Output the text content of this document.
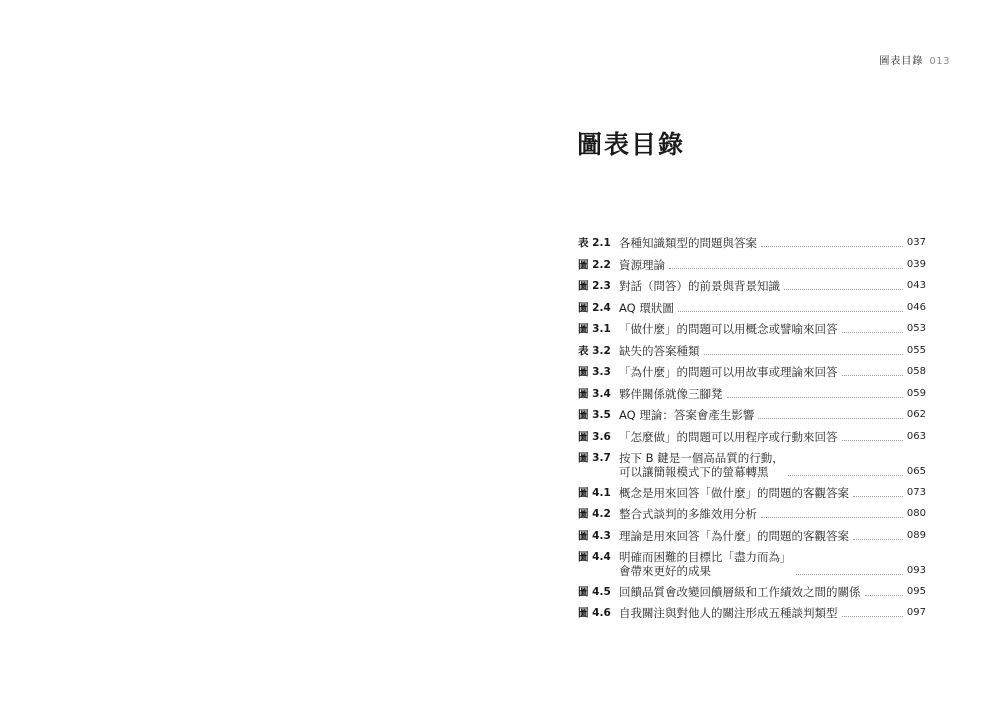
圖表目錄 013
圖表目錄
表 2.1 各種知識類型的問題與答案	037
圖 2.2 資源理論	039
圖 2.3 對話（問答）的前景與背景知識	043
圖 2.4 AQ 環狀圖	046
圖 3.1 「做什麼」的問題可以用概念或譬喻來回答	053
表 3.2 缺失的答案種類	055
圖 3.3 「為什麼」的問題可以用故事或理論來回答	058
圖 3.4 夥伴關係就像三腳凳	059
圖 3.5 AQ 理論：答案會產生影響	062
圖 3.6 「怎麼做」的問題可以用程序或行動來回答	063
圖 3.7 按下 B 鍵是一個高品質的行動，
可以讓簡報模式下的螢幕轉黑	065
圖 4.1 概念是用來回答「做什麼」的問題的客觀答案	073
圖 4.2 整合式談判的多維效用分析	080
圖 4.3 理論是用來回答「為什麼」的問題的客觀答案	089
圖 4.4 明確而困難的目標比「盡力而為」
會帶來更好的成果	093
圖 4.5 回饋品質會改變回饋層級和工作績效之間的關係	095
圖 4.6 自我關注與對他人的關注形成五種談判類型	097
